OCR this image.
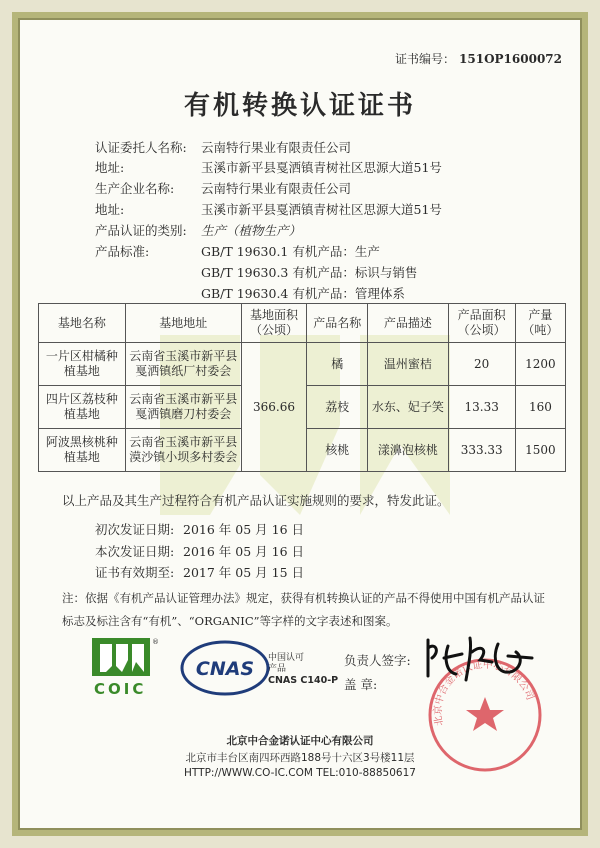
证书编号： 151OP1600072
有机转换认证证书
认证委托人名称: 云南特行果业有限责任公司
地址:	玉溪市新平县戛洒镇青树社区思源大道51号
生产企业名称: 云南特行果业有限责任公司
地址:	玉溪市新平县戛洒镇青树社区思源大道51号
产品认证的类别: 生产（植物生产）
产品标准:	GB/T 19630.1 有机产品：生产
GB/T 19630.3 有机产品：标识与销售
GB/T 19630.4 有机产品：管理体系
基地名称	基地地址	基地面积（公顷）	产品名称	产品描述	产品面积（公顷）	产量（吨）
一片区柑橘种植基地	云南省玉溪市新平县戛洒镇纸厂村委会	366.66	橘	温州蜜桔	20	1200
四片区荔枝种植基地	云南省玉溪市新平县戛洒镇磨刀村委会		荔枝	水东、妃子笑	13.33	160
阿波黑核桃种植基地	云南省玉溪市新平县漠沙镇小坝多村委会		核桃	漾濞泡核桃	333.33	1500
以上产品及其生产过程符合有机产品认证实施规则的要求，特发此证。
初次发证日期: 2016 年 05 月 16 日
本次发证日期: 2016 年 05 月 16 日
证书有效期至: 2017 年 05 月 15 日
注：依据《有机产品认证管理办法》规定，获得有机转换认证的产品不得使用中国有机产品认证标志及标注含有“有机”、“ORGANIC”等字样的文字表述和图案。
®
COIC
CNAS 中国认可
产品
CNAS C140-P
负责人签字:
盖 章:
北京中合金诺认证中心有限公司
北京中合金诺认证中心有限公司
北京市丰台区南四环西路188号十六区3号楼11层
HTTP://WWW.CO-IC.COM TEL:010-88850617
